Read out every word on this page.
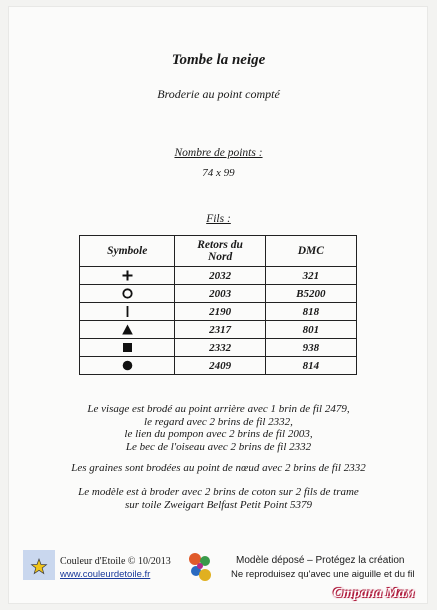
Tombe la neige
Broderie au point compté
Nombre de points :
74 x 99
Fils :
Symbole	Retors du Nord	DMC
	2032	321
	2003	B5200
	2190	818
	2317	801
	2332	938
	2409	814
Le visage est brodé au point arrière avec 1 brin de fil 2479,
le regard avec 2 brins de fil 2332,
le lien du pompon avec 2 brins de fil 2003,
Le bec de l'oiseau avec 2 brins de fil 2332
Les graines sont brodées au point de nœud avec 2 brins de fil 2332
Le modèle est à broder avec 2 brins de coton sur 2 fils de trame
sur toile Zweigart Belfast Petit Point 5379
Couleur d'Etoile © 10/2013
www.couleurdetoile.fr
Modèle déposé – Protégez la création
Ne reproduisez qu'avec une aiguille et du fil
Страна Мам
